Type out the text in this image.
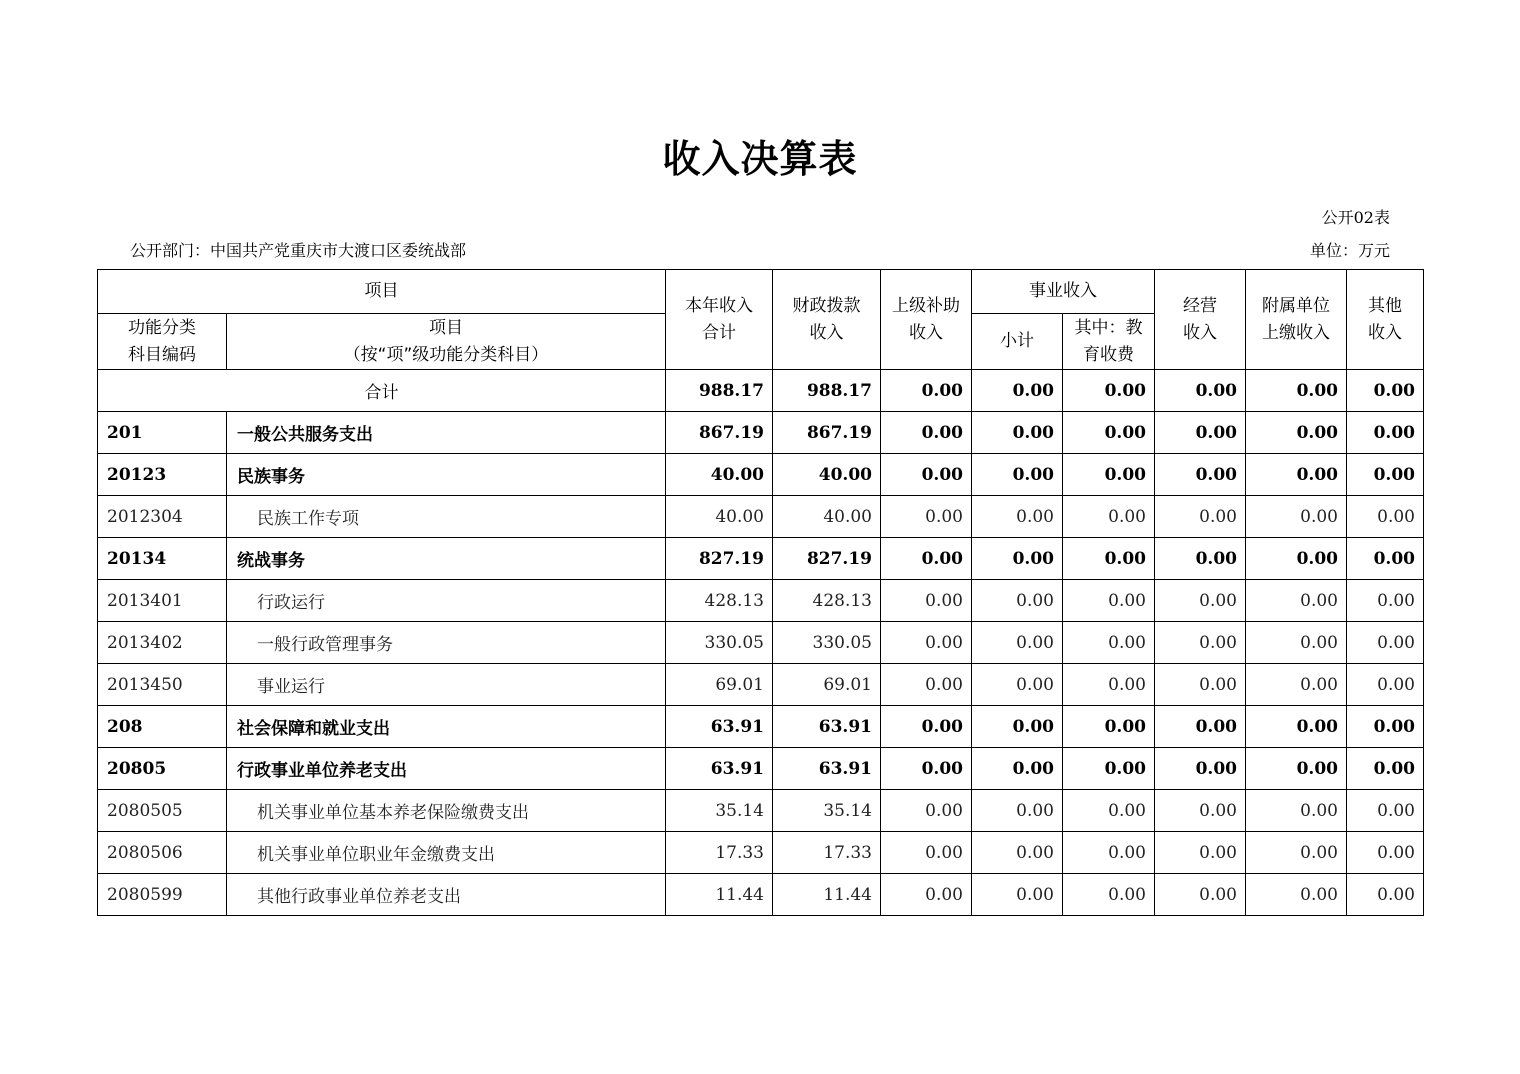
收入决算表
公开02表
公开部门：中国共产党重庆市大渡口区委统战部	单位：万元
项目		本年收入合计	财政拨款收入	上级补助收入	事业收入		经营收入	附属单位上缴收入	其他收入
功能分类科目编码	项目
（按“项”级功能分类科目）				小计	其中：教育收费			
合计		988.17	988.17	0.00	0.00	0.00	0.00	0.00	0.00
201	一般公共服务支出	867.19	867.19	0.00	0.00	0.00	0.00	0.00	0.00
20123	民族事务	40.00	40.00	0.00	0.00	0.00	0.00	0.00	0.00
2012304	民族工作专项	40.00	40.00	0.00	0.00	0.00	0.00	0.00	0.00
20134	统战事务	827.19	827.19	0.00	0.00	0.00	0.00	0.00	0.00
2013401	行政运行	428.13	428.13	0.00	0.00	0.00	0.00	0.00	0.00
2013402	一般行政管理事务	330.05	330.05	0.00	0.00	0.00	0.00	0.00	0.00
2013450	事业运行	69.01	69.01	0.00	0.00	0.00	0.00	0.00	0.00
208	社会保障和就业支出	63.91	63.91	0.00	0.00	0.00	0.00	0.00	0.00
20805	行政事业单位养老支出	63.91	63.91	0.00	0.00	0.00	0.00	0.00	0.00
2080505	机关事业单位基本养老保险缴费支出	35.14	35.14	0.00	0.00	0.00	0.00	0.00	0.00
2080506	机关事业单位职业年金缴费支出	17.33	17.33	0.00	0.00	0.00	0.00	0.00	0.00
2080599	其他行政事业单位养老支出	11.44	11.44	0.00	0.00	0.00	0.00	0.00	0.00
